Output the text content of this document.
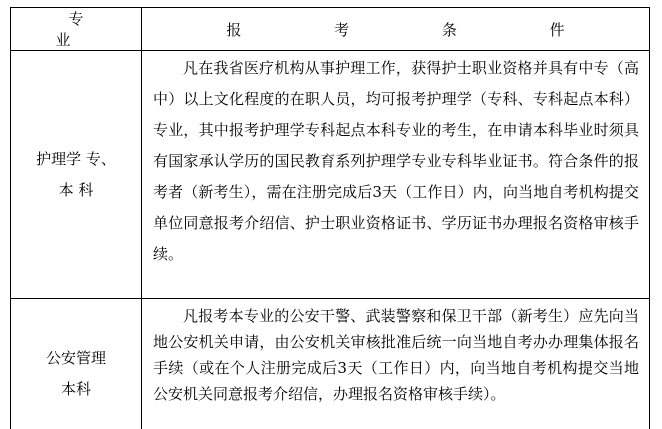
专 业	报 考 条 件

护理学 专、
本 科	凡在我省医疗机构从事护理工作，获得护士职业资格并具有中专（高中）以上文化程度的在职人员，均可报考护理学（专科、专科起点本科）专业，其中报考护理学专科起点本科专业的考生，在申请本科毕业时须具有国家承认学历的国民教育系列护理学专业专科毕业证书。符合条件的报考者（新考生），需在注册完成后3天（工作日）内，向当地自考机构提交单位同意报考介绍信、护士职业资格证书、学历证书办理报名资格审核手续。

公安管理
本科	凡报考本专业的公安干警、武装警察和保卫干部（新考生）应先向当地公安机关申请，由公安机关审核批准后统一向当地自考办办理集体报名手续（或在个人注册完成后3天（工作日）内，向当地自考机构提交当地公安机关同意报考介绍信，办理报名资格审核手续）。
